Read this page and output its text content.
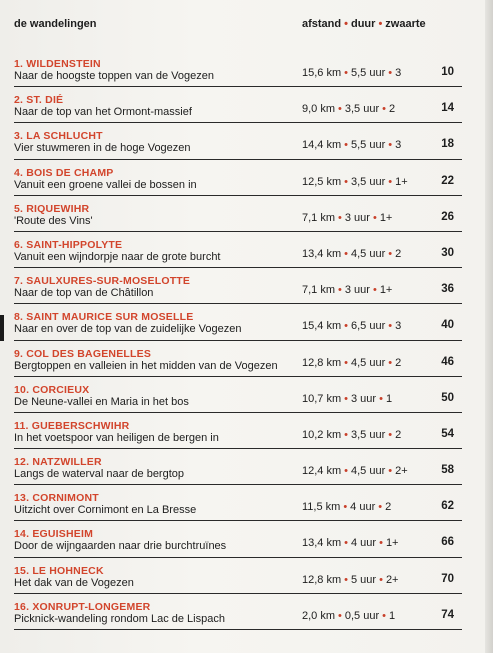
de wandelingen	afstand • duur • zwaarte
1. WILDENSTEIN
Naar de hoogste toppen van de Vogezen	15,6 km • 5,5 uur • 3	10
2. ST. DIÉ
Naar de top van het Ormont-massief	9,0 km • 3,5 uur • 2	14
3. LA SCHLUCHT
Vier stuwmeren in de hoge Vogezen	14,4 km • 5,5 uur • 3	18
4. BOIS DE CHAMP
Vanuit een groene vallei de bossen in	12,5 km • 3,5 uur • 1+	22
5. RIQUEWIHR
'Route des Vins'	7,1 km • 3 uur • 1+	26
6. SAINT-HIPPOLYTE
Vanuit een wijndorpje naar de grote burcht	13,4 km • 4,5 uur • 2	30
7. SAULXURES-SUR-MOSELOTTE
Naar de top van de Châtillon	7,1 km • 3 uur • 1+	36
8. SAINT MAURICE SUR MOSELLE
Naar en over de top van de zuidelijke Vogezen	15,4 km • 6,5 uur • 3	40
9. COL DES BAGENELLES
Bergtoppen en valleien in het midden van de Vogezen 12,8 km • 4,5 uur • 2	46
10. CORCIEUX
De Neune-vallei en Maria in het bos	10,7 km • 3 uur • 1	50
11. GUEBERSCHWIHR
In het voetspoor van heiligen de bergen in	10,2 km • 3,5 uur • 2	54
12. NATZWILLER
Langs de waterval naar de bergtop	12,4 km • 4,5 uur • 2+	58
13. CORNIMONT
Uitzicht over Cornimont en La Bresse	11,5 km • 4 uur • 2	62
14. EGUISHEIM
Door de wijngaarden naar drie burchtruïnes	13,4 km • 4 uur • 1+	66
15. LE HOHNECK
Het dak van de Vogezen	12,8 km • 5 uur • 2+	70
16. XONRUPT-LONGEMER
Picknick-wandeling rondom Lac de Lispach	2,0 km • 0,5 uur • 1	74
